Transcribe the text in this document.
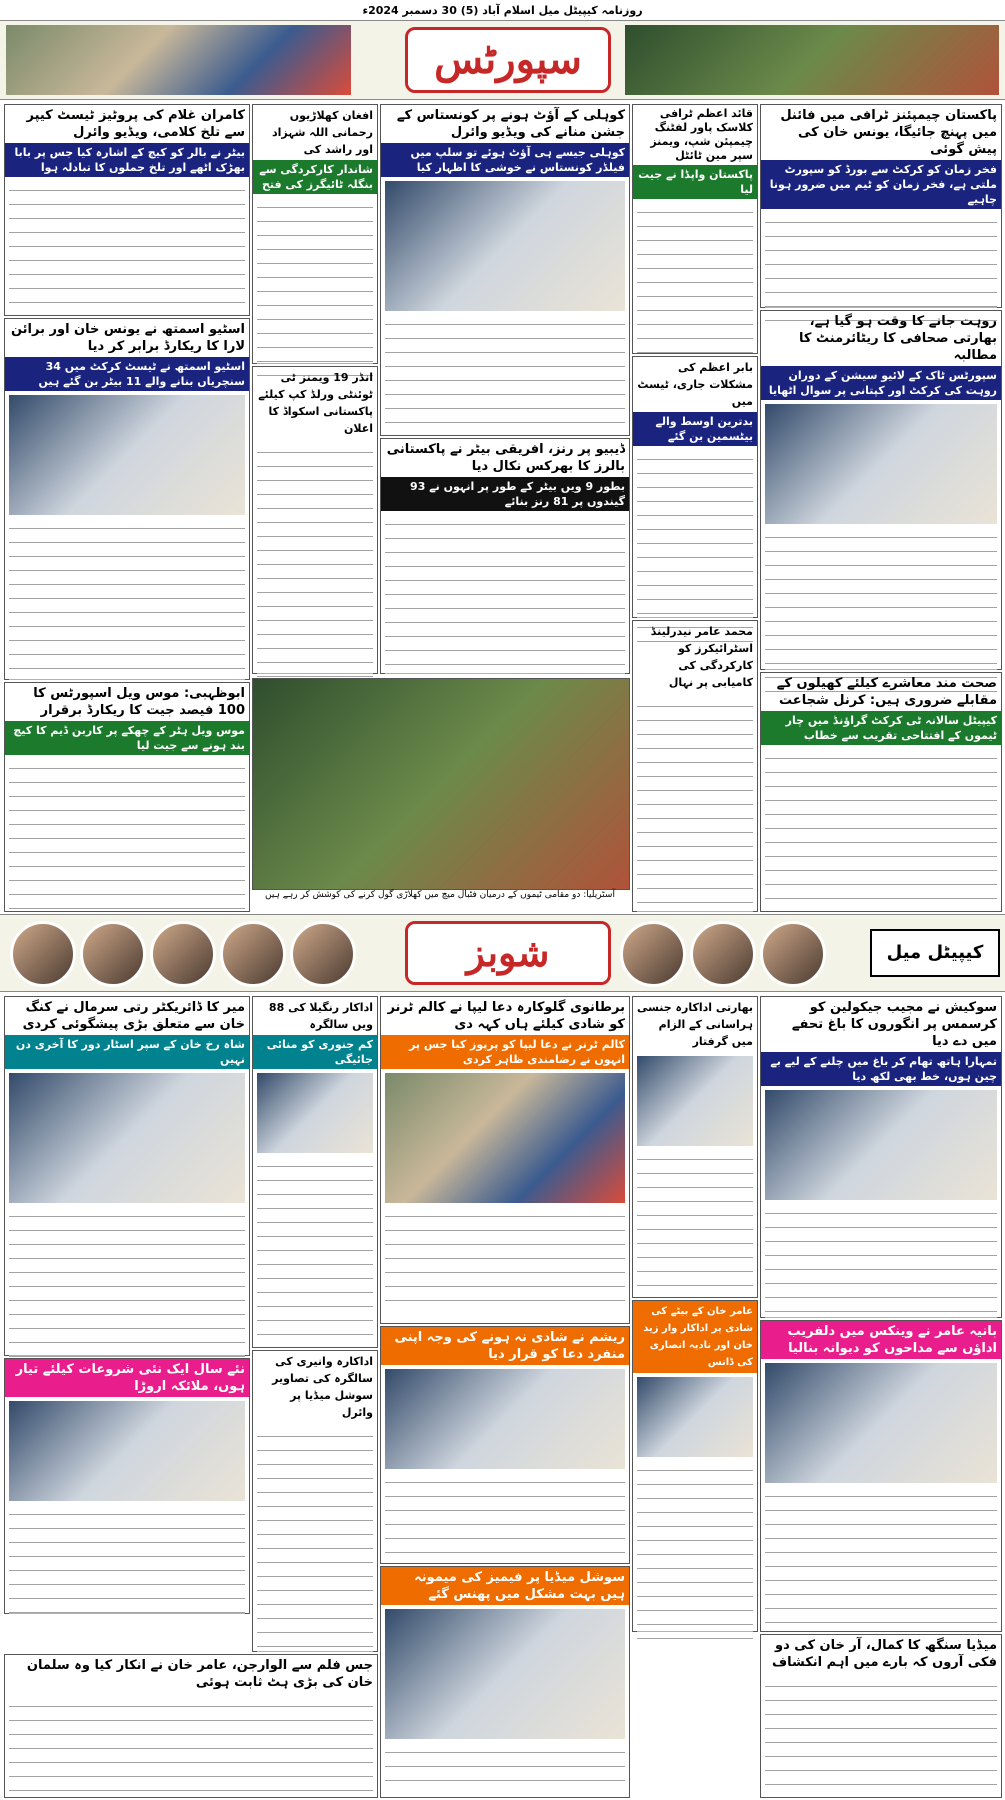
روزنامہ کیپیٹل میل اسلام آباد (5) 30 دسمبر 2024ء
سپورٹس
پاکستان چیمپئنز ٹرافی میں فائنل میں پہنچ جائیگا، یونس خان کی پیش گوئی
فخر زمان کو کرکٹ سے بورڈ کو سپورٹ ملتی ہے، فخر زمان کو ٹیم میں ضرور ہونا چاہیے
روہت جانے کا وقت ہو گیا ہے، بھارتی صحافی کا ریٹائرمنٹ کا مطالبہ
سپورٹس ٹاک کے لائیو سیشن کے دوران روہت کی کرکٹ اور کپتانی پر سوال اٹھایا
صحت مند معاشرے کیلئے کھیلوں کے مقابلے ضروری ہیں: کرنل شجاعت
کیپیٹل سالانہ ٹی کرکٹ گراؤنڈ میں چار ٹیموں کے افتتاحی تقریب سے خطاب
قائد اعظم ٹرافی کلاسک پاور لفٹنگ چیمپئن شپ، ویمنز سپر مین ٹائٹل
پاکستان واپڈا نے جیت لیا
بابر اعظم کی مشکلات جاری، ٹیسٹ میں
بدترین اوسط والے بیٹسمین بن گئے
محمد عامر نیدرلینڈ اسٹرائیکرز کو کارکردگی کی کامیابی پر نہال
کوہلی کے آؤٹ ہونے پر کونستاس کے جشن منانے کی ویڈیو وائرل
کوہلی جیسے ہی آؤٹ ہوئے تو سلپ میں فیلڈر کونستاس نے خوشی کا اظہار کیا
ڈیبیو پر رنز، افریقی بیٹر نے پاکستانی بالرز کا بھرکس نکال دیا
بطور 9 ویں بیٹر کے طور پر انہوں نے 93 گیندوں پر 81 رنز بنائے
افغان کھلاڑیوں رحمانی اللہ شہزاد اور راشد کی
شاندار کارکردگی سے بنگلہ ٹائیگرز کی فتح
انڈر 19 ویمنز ٹی ٹوئنٹی ورلڈ کپ کیلئے پاکستانی اسکواڈ کا اعلان
کامران غلام کی پروٹیز ٹیسٹ کیپر سے تلخ کلامی، ویڈیو وائرل
بیٹر نے بالر کو کیچ کے اشارہ کیا جس پر بابا بھڑک اٹھے اور تلخ جملوں کا تبادلہ ہوا
اسٹیو اسمتھ نے یونس خان اور برائن لارا کا ریکارڈ برابر کر دیا
اسٹیو اسمتھ نے ٹیسٹ کرکٹ میں 34 سنچریاں بنانے والے 11 بیٹر بن گئے ہیں
ابوظہبی: موس ویل اسپورٹس کا 100 فیصد جیت کا ریکارڈ برقرار
موس ویل ہٹر کے چھکے پر کاربن ڈیم کا کیچ بند ہونے سے جیت لیا
آسٹریلیا: دو مقامی ٹیموں کے درمیان فٹبال میچ میں کھلاڑی گول کرنے کی کوشش کر رہے ہیں
شوبز	کیپیٹل میل
سوکیش نے مجیب جیکولین کو کرسمس پر انگوروں کا باغ تحفے میں دے دیا
تمہارا ہاتھ تھام کر باغ میں چلنے کے لیے بے چین ہوں، خط بھی لکھ دیا
بانیہ عامر نے وینکس میں دلفریب اداؤں سے مداحوں کو دیوانہ بنالیا
میڈیا سنگھ کا کمال، آر خان کی دو فکی آروں کہ بارے میں اہم انکشاف
بھارتی اداکارہ جنسی ہراسانی کے الزام میں گرفتار
عامر خان کے بیٹے کی شادی پر اداکار وار زید خان اور نادیہ انصاری کی ڈانس
برطانوی گلوکارہ دعا لیپا نے کالم ٹرنر کو شادی کیلئے ہاں کہہ دی
کالم ٹرنر نے دعا لیپا کو پرپوز کیا جس پر انہوں نے رضامندی ظاہر کردی
ریشم نے شادی نہ ہونے کی وجہ اپنی منفرد دعا کو قرار دیا
سوشل میڈیا پر فیمیز کی میمونہ ہیں بہت مشکل میں پھنس گئے
اداکار رنگیلا کی 88 ویں سالگرہ
کم جنوری کو منائی جائیگی
اداکارہ وانیری کی سالگرہ کی تصاویر سوشل میڈیا پر وائرل
میر کا ڈائریکٹر رتی سرمال نے کنگ خان سے متعلق بڑی پیشگوئی کردی
شاہ رخ خان کے سپر اسٹار دور کا آخری دن نہیں
نئے سال ایک نئی شروعات کیلئے تیار ہوں، ملائکہ اروڑا
جس فلم سے الوارجن، عامر خان نے انکار کیا وہ سلمان خان کی بڑی ہٹ ثابت ہوئی
